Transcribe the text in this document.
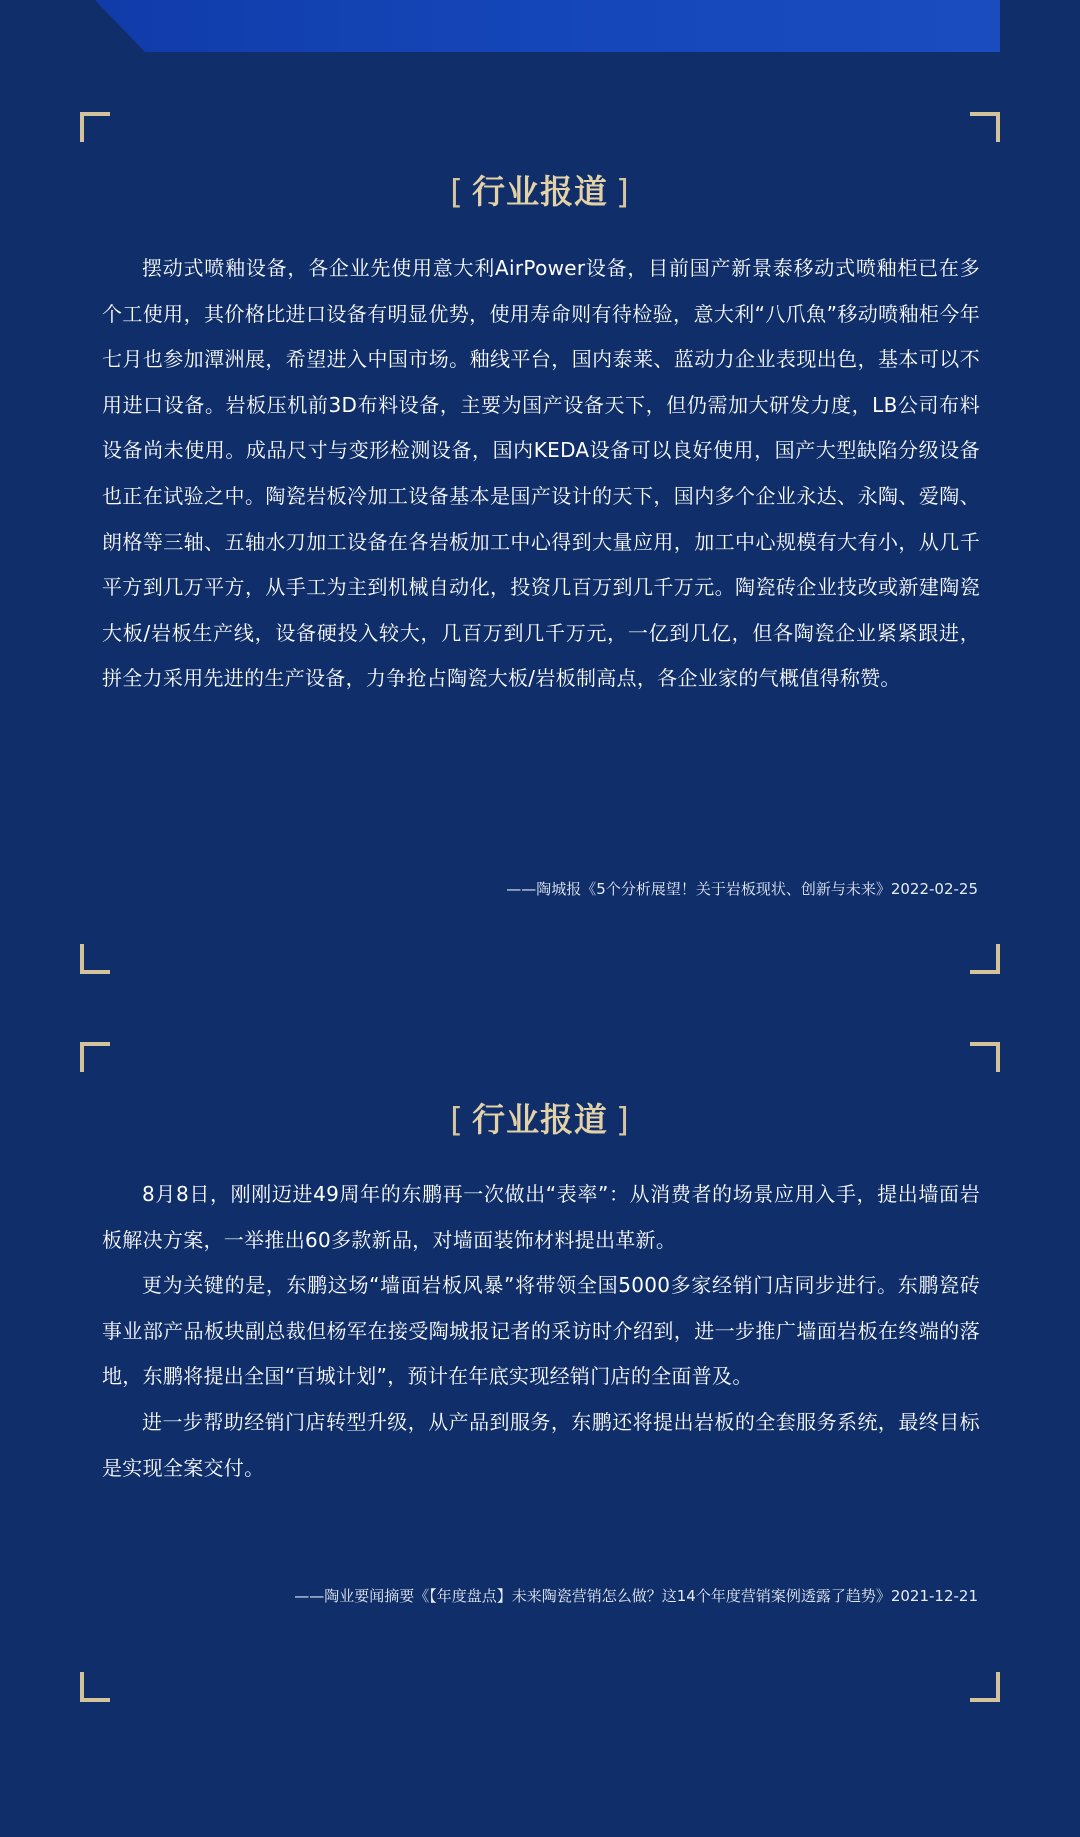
[ 行业报道 ]

摆动式喷釉设备，各企业先使用意大利AirPower设备，目前国产新景泰移动式喷釉柜已在多个工使用，其价格比进口设备有明显优势，使用寿命则有待检验，意大利“八爪魚”移动喷釉柜今年七月也参加潭洲展，希望进入中国市场。釉线平台，国内泰莱、蓝动力企业表现出色，基本可以不用进口设备。岩板压机前3D布料设备，主要为国产设备天下，但仍需加大研发力度，LB公司布料设备尚未使用。成品尺寸与变形检测设备，国内KEDA设备可以良好使用，国产大型缺陷分级设备也正在试验之中。陶瓷岩板冷加工设备基本是国产设计的天下，国内多个企业永达、永陶、爱陶、朗格等三轴、五轴水刀加工设备在各岩板加工中心得到大量应用，加工中心规模有大有小，从几千平方到几万平方，从手工为主到机械自动化，投资几百万到几千万元。陶瓷砖企业技改或新建陶瓷大板/岩板生产线，设备硬投入较大，几百万到几千万元，一亿到几亿，但各陶瓷企业紧紧跟进，拼全力采用先进的生产设备，力争抢占陶瓷大板/岩板制高点，各企业家的气概值得称赞。

——陶城报《5个分析展望！关于岩板现状、创新与未来》2022-02-25
[ 行业报道 ]

8月8日，刚刚迈进49周年的东鹏再一次做出“表率”：从消费者的场景应用入手，提出墙面岩板解决方案，一举推出60多款新品，对墙面装饰材料提出革新。

更为关键的是，东鹏这场“墙面岩板风暴”将带领全国5000多家经销门店同步进行。东鹏瓷砖事业部产品板块副总裁但杨军在接受陶城报记者的采访时介绍到，进一步推广墙面岩板在终端的落地，东鹏将提出全国“百城计划”，预计在年底实现经销门店的全面普及。

进一步帮助经销门店转型升级，从产品到服务，东鹏还将提出岩板的全套服务系统，最终目标是实现全案交付。

——陶业要闻摘要《【年度盘点】未来陶瓷营销怎么做？这14个年度营销案例透露了趋势》2021-12-21
